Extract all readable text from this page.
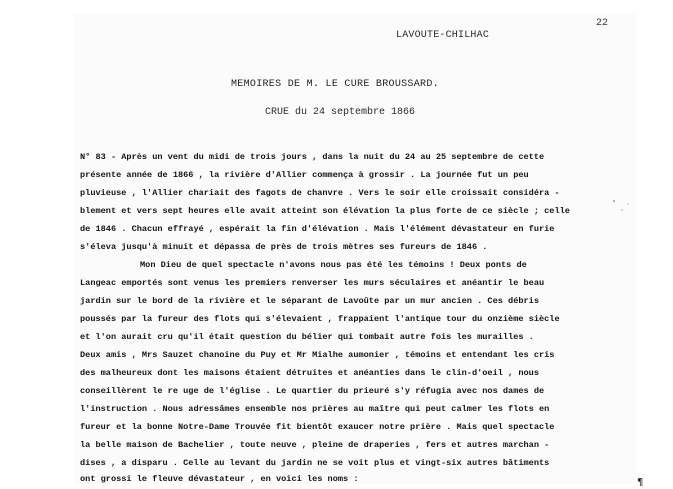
22
LAVOUTE-CHILHAC
MEMOIRES DE M. LE CURE BROUSSARD.
CRUE du 24 septembre 1866
N° 83 - Après un vent du midi de trois jours , dans la nuit du 24 au 25 septembre de cette
présente année de 1866 , la rivière d'Allier commença à grossir . La journée fut un peu
pluvieuse , l'Allier chariait des fagots de chanvre . Vers le soir elle croissait considéra -
blement et vers sept heures elle avait atteint son élévation la plus forte de ce siècle ; celle
de 1846 . Chacun effrayé , espérait la fin d'élévation . Mais l'élément dévastateur en furie
s'éleva jusqu'à minuit et dépassa de près de trois mètres ses fureurs de 1846 .
Mon Dieu de quel spectacle n'avons nous pas été les témoins ! Deux ponts de
Langeac emportés sont venus les premiers renverser les murs séculaires et anéantir le beau
jardin sur le bord de la rivière et le séparant de Lavoûte par un mur ancien . Ces débris
poussés par la fureur des flots qui s'élevaient , frappaient l'antique tour du onzième siècle
et l'on aurait cru qu'il était question du bélier qui tombait autre fois les murailles .
Deux amis , Mrs Sauzet chanoine du Puy et Mr Mialhe aumonier , témoins et entendant les cris
des malheureux dont les maisons étaient détruites et anéanties dans le clin-d'oeil , nous
conseillèrent le re uge de l'église . Le quartier du prieuré s'y réfugia avec nos dames de
l'instruction . Nous adressâmes ensemble nos prières au maître qui peut calmer les flots en
fureur et la bonne Notre-Dame Trouvée fit bientôt exaucer notre prière . Mais quel spectacle
la belle maison de Bachelier , toute neuve , pleine de draperies , fers et autres marchan -
dises , a disparu . Celle au levant du jardin ne se voit plus et vingt-six autres bâtiments
ont grossi le fleuve dévastateur , en voici les noms :	¶
